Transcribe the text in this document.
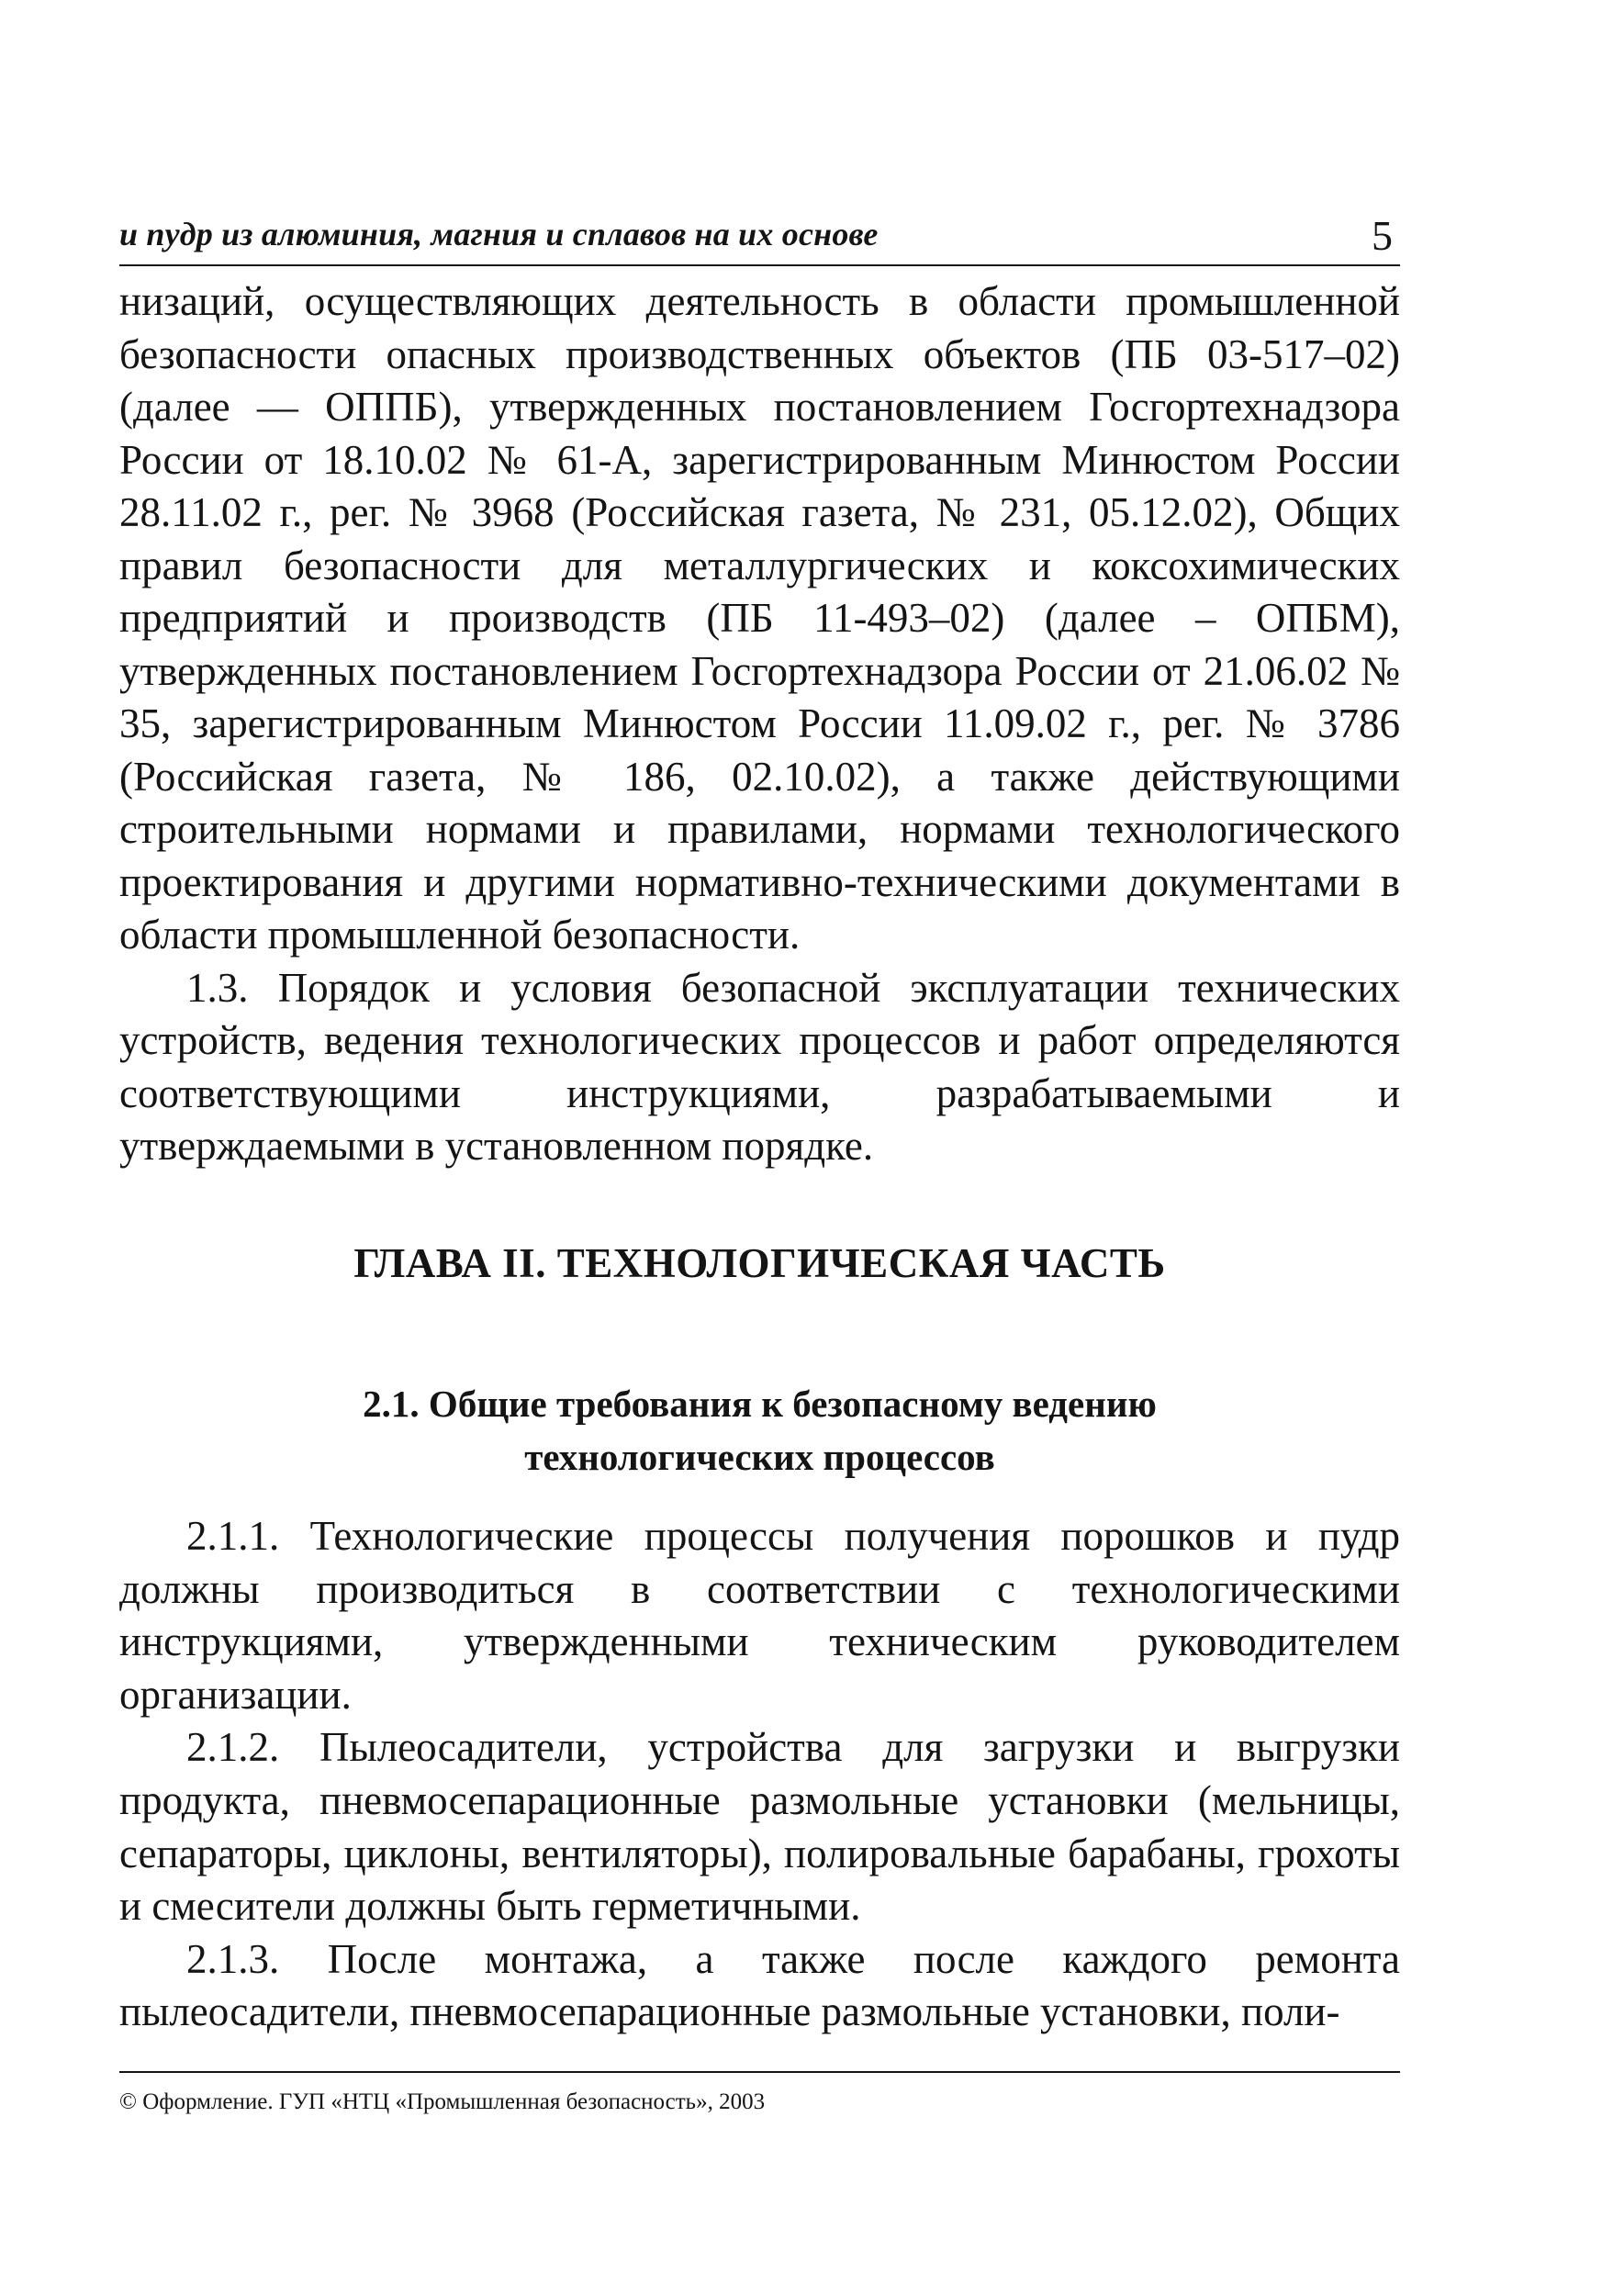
и пудр из алюминия, магния и сплавов на их основе	5

низаций, осуществляющих деятельность в области промышленной безопасности опасных производственных объектов (ПБ 03-517–02) (далее — ОППБ), утвержденных постановлением Госгортехнадзора России от 18.10.02 № 61-А, зарегистрированным Минюстом России 28.11.02 г., рег. № 3968 (Российская газета, № 231, 05.12.02), Общих правил безопасности для металлургических и коксохимических предприятий и производств (ПБ 11-493–02) (далее – ОПБМ), утвержденных постановлением Госгортехнадзора России от 21.06.02 № 35, зарегистрированным Минюстом России 11.09.02 г., рег. № 3786 (Российская газета, № 186, 02.10.02), а также действующими строительными нормами и правилами, нормами технологического проектирования и другими нормативно-техническими документами в области промышленной безопасности.

1.3. Порядок и условия безопасной эксплуатации технических устройств, ведения технологических процессов и работ определяются соответствующими инструкциями, разрабатываемыми и утверждаемыми в установленном порядке.

ГЛАВА II. ТЕХНОЛОГИЧЕСКАЯ ЧАСТЬ
2.1. Общие требования к безопасному ведению
технологических процессов

2.1.1. Технологические процессы получения порошков и пудр должны производиться в соответствии с технологическими инструкциями, утвержденными техническим руководителем организации.

2.1.2. Пылеосадители, устройства для загрузки и выгрузки продукта, пневмосепарационные размольные установки (мельницы, сепараторы, циклоны, вентиляторы), полировальные барабаны, грохоты и смесители должны быть герметичными.

2.1.3. После монтажа, а также после каждого ремонта пылеосадители, пневмосепарационные размольные установки, поли-

© Оформление. ГУП «НТЦ «Промышленная безопасность», 2003
